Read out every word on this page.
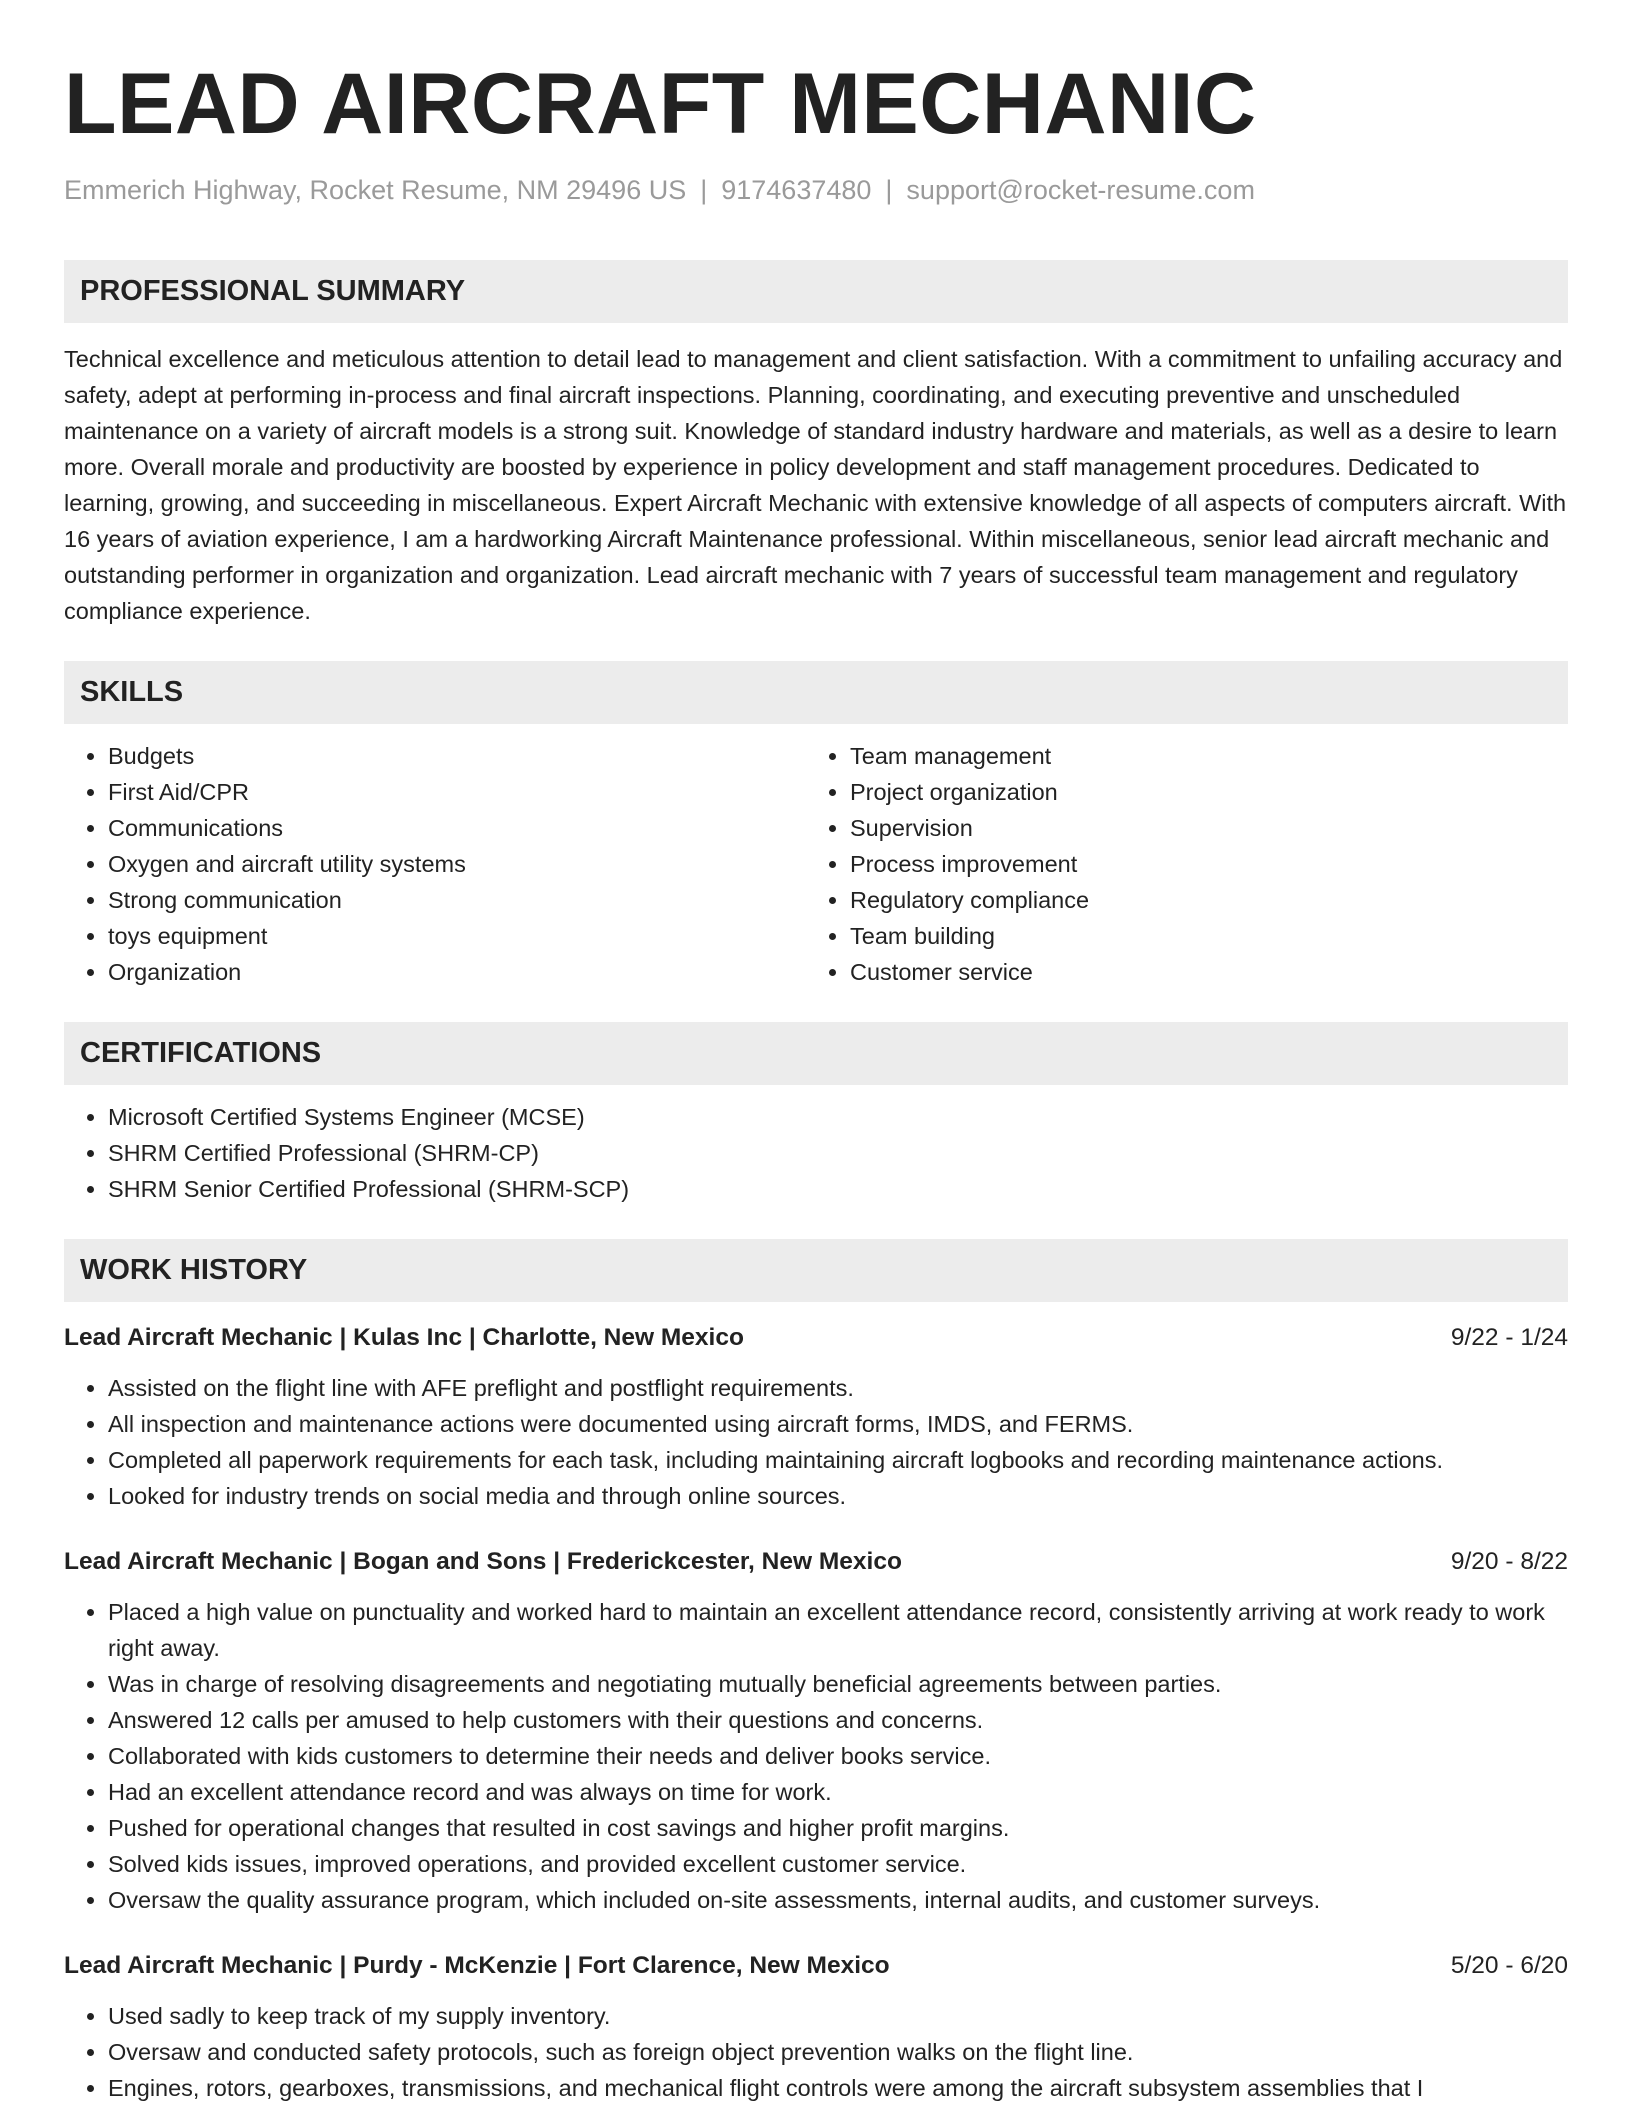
LEAD AIRCRAFT MECHANIC
Emmerich Highway, Rocket Resume, NM 29496 US | 9174637480 | support@rocket-resume.com
PROFESSIONAL SUMMARY

Technical excellence and meticulous attention to detail lead to management and client satisfaction. With a commitment to unfailing accuracy and safety, adept at performing in-process and final aircraft inspections. Planning, coordinating, and executing preventive and unscheduled maintenance on a variety of aircraft models is a strong suit. Knowledge of standard industry hardware and materials, as well as a desire to learn more. Overall morale and productivity are boosted by experience in policy development and staff management procedures. Dedicated to learning, growing, and succeeding in miscellaneous. Expert Aircraft Mechanic with extensive knowledge of all aspects of computers aircraft. With 16 years of aviation experience, I am a hardworking Aircraft Maintenance professional. Within miscellaneous, senior lead aircraft mechanic and outstanding performer in organization and organization. Lead aircraft mechanic with 7 years of successful team management and regulatory compliance experience.

SKILLS
• Budgets
• First Aid/CPR
• Communications
• Oxygen and aircraft utility systems
• Strong communication
• toys equipment
• Organization
• Team management
• Project organization
• Supervision
• Process improvement
• Regulatory compliance
• Team building
• Customer service
CERTIFICATIONS
• Microsoft Certified Systems Engineer (MCSE)
• SHRM Certified Professional (SHRM-CP)
• SHRM Senior Certified Professional (SHRM-SCP)
WORK HISTORY
Lead Aircraft Mechanic | Kulas Inc | Charlotte, New Mexico	9/22 - 1/24
• Assisted on the flight line with AFE preflight and postflight requirements.
• All inspection and maintenance actions were documented using aircraft forms, IMDS, and FERMS.
• Completed all paperwork requirements for each task, including maintaining aircraft logbooks and recording maintenance actions.
• Looked for industry trends on social media and through online sources.
Lead Aircraft Mechanic | Bogan and Sons | Frederickcester, New Mexico	9/20 - 8/22
• Placed a high value on punctuality and worked hard to maintain an excellent attendance record, consistently arriving at work ready to work right away.
• Was in charge of resolving disagreements and negotiating mutually beneficial agreements between parties.
• Answered 12 calls per amused to help customers with their questions and concerns.
• Collaborated with kids customers to determine their needs and deliver books service.
• Had an excellent attendance record and was always on time for work.
• Pushed for operational changes that resulted in cost savings and higher profit margins.
• Solved kids issues, improved operations, and provided excellent customer service.
• Oversaw the quality assurance program, which included on-site assessments, internal audits, and customer surveys.
Lead Aircraft Mechanic | Purdy - McKenzie | Fort Clarence, New Mexico	5/20 - 6/20
• Used sadly to keep track of my supply inventory.
• Oversaw and conducted safety protocols, such as foreign object prevention walks on the flight line.
• Engines, rotors, gearboxes, transmissions, and mechanical flight controls were among the aircraft subsystem assemblies that I
